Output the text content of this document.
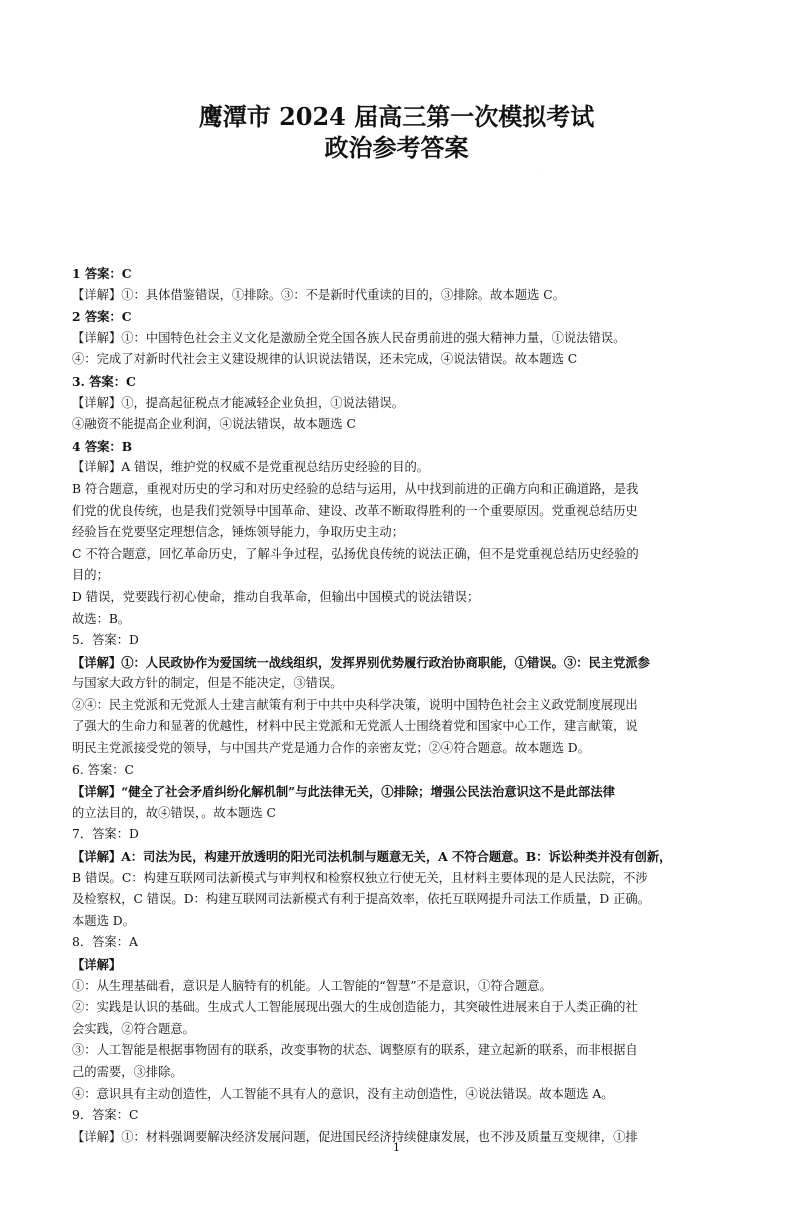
.
鹰潭市 2024 届高三第一次模拟考试
政治参考答案
1 答案：C
【详解】①：具体借鉴错误，①排除。③：不是新时代重读的目的，③排除。故本题选 C。
2 答案：C
【详解】①：中国特色社会主义文化是激励全党全国各族人民奋勇前进的强大精神力量，①说法错误。
④：完成了对新时代社会主义建设规律的认识说法错误，还未完成，④说法错误。故本题选 C
3. 答案：C
【详解】①，提高起征税点才能减轻企业负担，①说法错误。
④融资不能提高企业利润，④说法错误，故本题选 C
4 答案：B
【详解】A 错误，维护党的权威不是党重视总结历史经验的目的。
B 符合题意，重视对历史的学习和对历史经验的总结与运用，从中找到前进的正确方向和正确道路，是我
们党的优良传统，也是我们党领导中国革命、建设、改革不断取得胜利的一个重要原因。党重视总结历史
经验旨在党要坚定理想信念，锤炼领导能力，争取历史主动；
C 不符合题意，回忆革命历史，了解斗争过程，弘扬优良传统的说法正确，但不是党重视总结历史经验的
目的；
D 错误，党要践行初心使命，推动自我革命，但输出中国模式的说法错误；
故选：B。
5．答案：D
【详解】①：人民政协作为爱国统一战线组织，发挥界别优势履行政治协商职能，①错误。③：民主党派参
与国家大政方针的制定，但是不能决定，③错误。
②④：民主党派和无党派人士建言献策有利于中共中央科学决策，说明中国特色社会主义政党制度展现出
了强大的生命力和显著的优越性，材料中民主党派和无党派人士围绕着党和国家中心工作，建言献策，说
明民主党派接受党的领导，与中国共产党是通力合作的亲密友党；②④符合题意。故本题选 D。
6. 答案：C
【详解】“健全了社会矛盾纠纷化解机制”与此法律无关，①排除；增强公民法治意识这不是此部法律
的立法目的，故④错误，。故本题选 C
7．答案：D
【详解】A：司法为民，构建开放透明的阳光司法机制与题意无关，A 不符合题意。B：诉讼种类并没有创新，
B 错误。C：构建互联网司法新模式与审判权和检察权独立行使无关，且材料主要体现的是人民法院，不涉
及检察权，C 错误。D：构建互联网司法新模式有利于提高效率，依托互联网提升司法工作质量，D 正确。
本题选 D。
8．答案：A
【详解】
①：从生理基础看，意识是人脑特有的机能。人工智能的“智慧”不是意识，①符合题意。
②：实践是认识的基础。生成式人工智能展现出强大的生成创造能力，其突破性进展来自于人类正确的社
会实践，②符合题意。
③：人工智能是根据事物固有的联系，改变事物的状态、调整原有的联系，建立起新的联系，而非根据自
己的需要，③排除。
④：意识具有主动创造性，人工智能不具有人的意识，没有主动创造性，④说法错误。故本题选 A。
9．答案：C
【详解】①：材料强调要解决经济发展问题，促进国民经济持续健康发展，也不涉及质量互变规律，①排
1
